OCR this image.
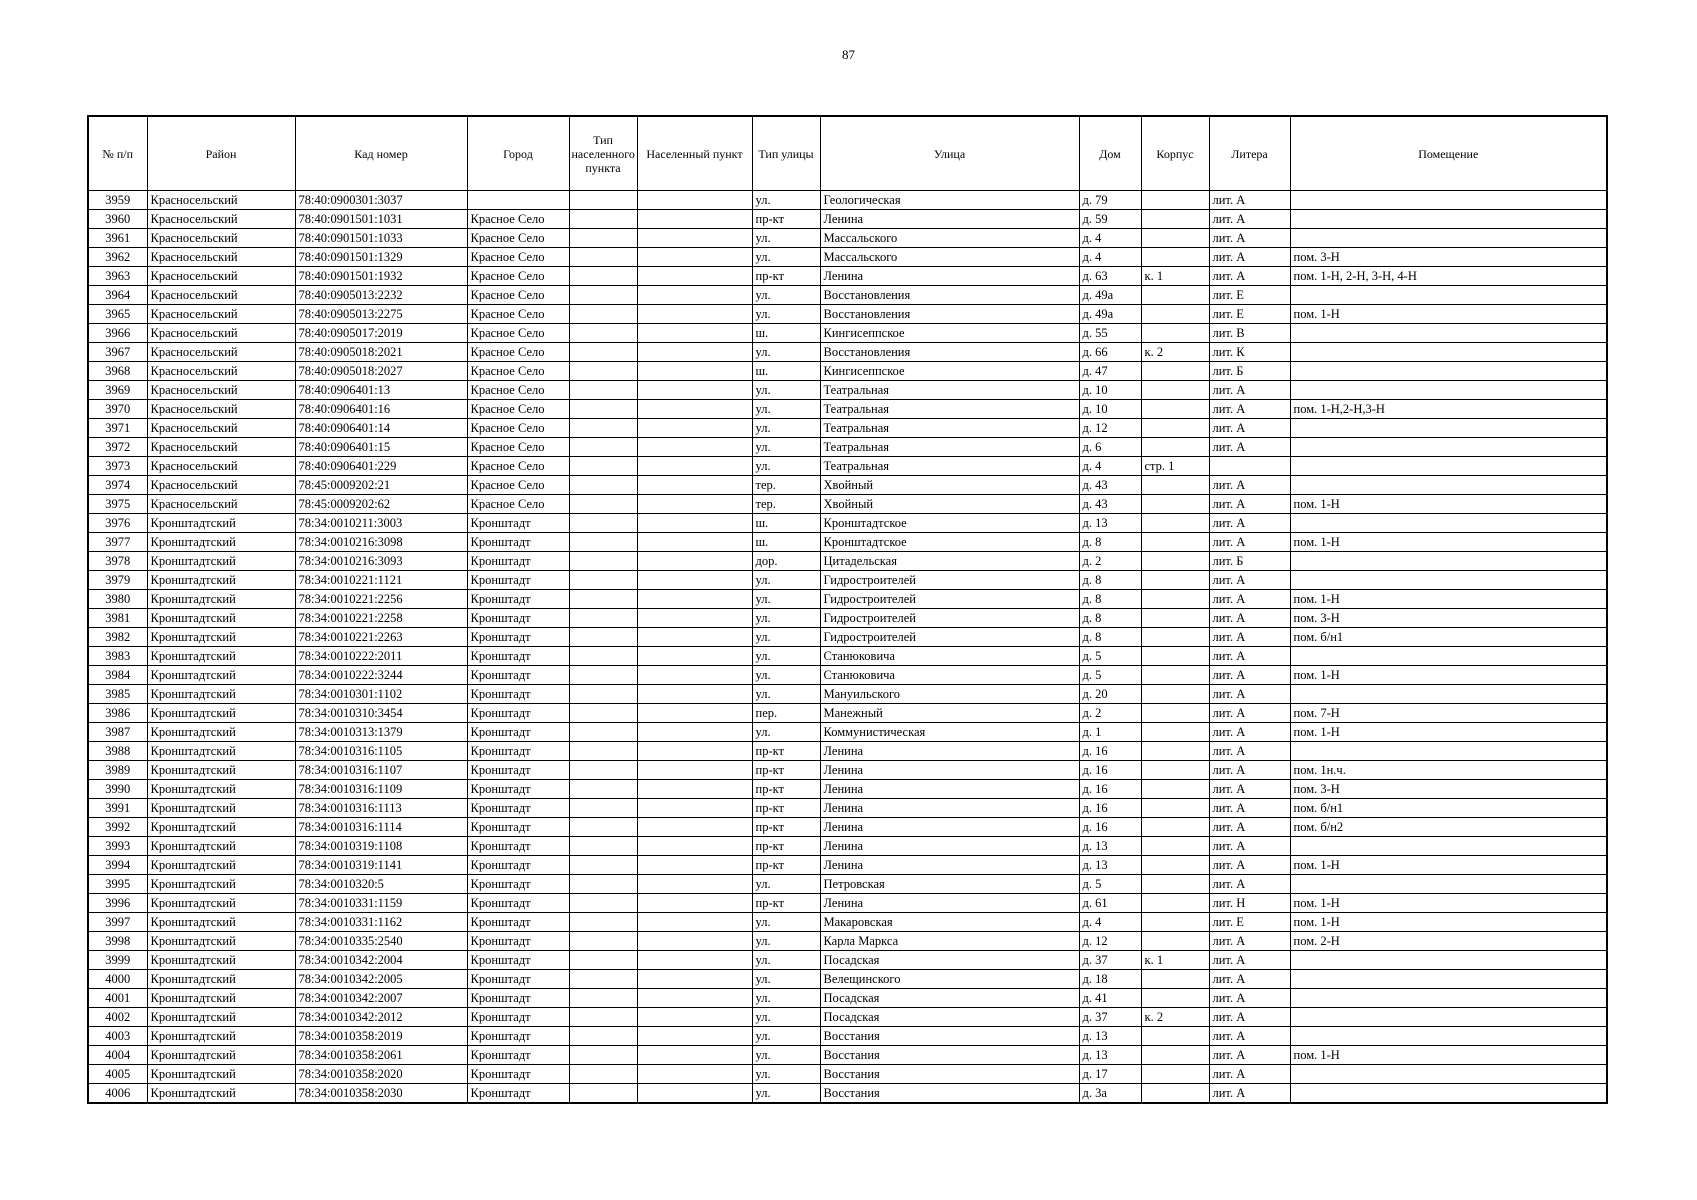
87
№ п/п	Район	Кад номер	Город	Тип населенного пункта	Населенный пункт	Тип улицы	Улица	Дом	Корпус	Литера	Помещение
3959	Красносельский	78:40:0900301:3037				ул.	Геологическая	д. 79		лит. А	
3960	Красносельский	78:40:0901501:1031	Красное Село			пр-кт	Ленина	д. 59		лит. А	
3961	Красносельский	78:40:0901501:1033	Красное Село			ул.	Массальского	д. 4		лит. А	
3962	Красносельский	78:40:0901501:1329	Красное Село			ул.	Массальского	д. 4		лит. А	пом. 3-Н
3963	Красносельский	78:40:0901501:1932	Красное Село			пр-кт	Ленина	д. 63	к. 1	лит. А	пом. 1-Н, 2-Н, 3-Н, 4-Н
3964	Красносельский	78:40:0905013:2232	Красное Село			ул.	Восстановления	д. 49а		лит. Е	
3965	Красносельский	78:40:0905013:2275	Красное Село			ул.	Восстановления	д. 49а		лит. Е	пом. 1-Н
3966	Красносельский	78:40:0905017:2019	Красное Село			ш.	Кингисеппское	д. 55		лит. В	
3967	Красносельский	78:40:0905018:2021	Красное Село			ул.	Восстановления	д. 66	к. 2	лит. К	
3968	Красносельский	78:40:0905018:2027	Красное Село			ш.	Кингисеппское	д. 47		лит. Б	
3969	Красносельский	78:40:0906401:13	Красное Село			ул.	Театральная	д. 10		лит. А	
3970	Красносельский	78:40:0906401:16	Красное Село			ул.	Театральная	д. 10		лит. А	пом. 1-Н,2-Н,3-Н
3971	Красносельский	78:40:0906401:14	Красное Село			ул.	Театральная	д. 12		лит. А	
3972	Красносельский	78:40:0906401:15	Красное Село			ул.	Театральная	д. 6		лит. А	
3973	Красносельский	78:40:0906401:229	Красное Село			ул.	Театральная	д. 4	стр. 1		
3974	Красносельский	78:45:0009202:21	Красное Село			тер.	Хвойный	д. 43		лит. А	
3975	Красносельский	78:45:0009202:62	Красное Село			тер.	Хвойный	д. 43		лит. А	пом. 1-Н
3976	Кронштадтский	78:34:0010211:3003	Кронштадт			ш.	Кронштадтское	д. 13		лит. А	
3977	Кронштадтский	78:34:0010216:3098	Кронштадт			ш.	Кронштадтское	д. 8		лит. А	пом. 1-Н
3978	Кронштадтский	78:34:0010216:3093	Кронштадт			дор.	Цитадельская	д. 2		лит. Б	
3979	Кронштадтский	78:34:0010221:1121	Кронштадт			ул.	Гидростроителей	д. 8		лит. А	
3980	Кронштадтский	78:34:0010221:2256	Кронштадт			ул.	Гидростроителей	д. 8		лит. А	пом. 1-Н
3981	Кронштадтский	78:34:0010221:2258	Кронштадт			ул.	Гидростроителей	д. 8		лит. А	пом. 3-Н
3982	Кронштадтский	78:34:0010221:2263	Кронштадт			ул.	Гидростроителей	д. 8		лит. А	пом. б/н1
3983	Кронштадтский	78:34:0010222:2011	Кронштадт			ул.	Станюковича	д. 5		лит. А	
3984	Кронштадтский	78:34:0010222:3244	Кронштадт			ул.	Станюковича	д. 5		лит. А	пом. 1-Н
3985	Кронштадтский	78:34:0010301:1102	Кронштадт			ул.	Мануильского	д. 20		лит. А	
3986	Кронштадтский	78:34:0010310:3454	Кронштадт			пер.	Манежный	д. 2		лит. А	пом. 7-Н
3987	Кронштадтский	78:34:0010313:1379	Кронштадт			ул.	Коммунистическая	д. 1		лит. А	пом. 1-Н
3988	Кронштадтский	78:34:0010316:1105	Кронштадт			пр-кт	Ленина	д. 16		лит. А	
3989	Кронштадтский	78:34:0010316:1107	Кронштадт			пр-кт	Ленина	д. 16		лит. А	пом. 1н.ч.
3990	Кронштадтский	78:34:0010316:1109	Кронштадт			пр-кт	Ленина	д. 16		лит. А	пом. 3-Н
3991	Кронштадтский	78:34:0010316:1113	Кронштадт			пр-кт	Ленина	д. 16		лит. А	пом. б/н1
3992	Кронштадтский	78:34:0010316:1114	Кронштадт			пр-кт	Ленина	д. 16		лит. А	пом. б/н2
3993	Кронштадтский	78:34:0010319:1108	Кронштадт			пр-кт	Ленина	д. 13		лит. А	
3994	Кронштадтский	78:34:0010319:1141	Кронштадт			пр-кт	Ленина	д. 13		лит. А	пом. 1-Н
3995	Кронштадтский	78:34:0010320:5	Кронштадт			ул.	Петровская	д. 5		лит. А	
3996	Кронштадтский	78:34:0010331:1159	Кронштадт			пр-кт	Ленина	д. 61		лит. Н	пом. 1-Н
3997	Кронштадтский	78:34:0010331:1162	Кронштадт			ул.	Макаровская	д. 4		лит. Е	пом. 1-Н
3998	Кронштадтский	78:34:0010335:2540	Кронштадт			ул.	Карла Маркса	д. 12		лит. А	пом. 2-Н
3999	Кронштадтский	78:34:0010342:2004	Кронштадт			ул.	Посадская	д. 37	к. 1	лит. А	
4000	Кронштадтский	78:34:0010342:2005	Кронштадт			ул.	Велещинского	д. 18		лит. А	
4001	Кронштадтский	78:34:0010342:2007	Кронштадт			ул.	Посадская	д. 41		лит. А	
4002	Кронштадтский	78:34:0010342:2012	Кронштадт			ул.	Посадская	д. 37	к. 2	лит. А	
4003	Кронштадтский	78:34:0010358:2019	Кронштадт			ул.	Восстания	д. 13		лит. А	
4004	Кронштадтский	78:34:0010358:2061	Кронштадт			ул.	Восстания	д. 13		лит. А	пом. 1-Н
4005	Кронштадтский	78:34:0010358:2020	Кронштадт			ул.	Восстания	д. 17		лит. А	
4006	Кронштадтский	78:34:0010358:2030	Кронштадт			ул.	Восстания	д. 3а		лит. А	
